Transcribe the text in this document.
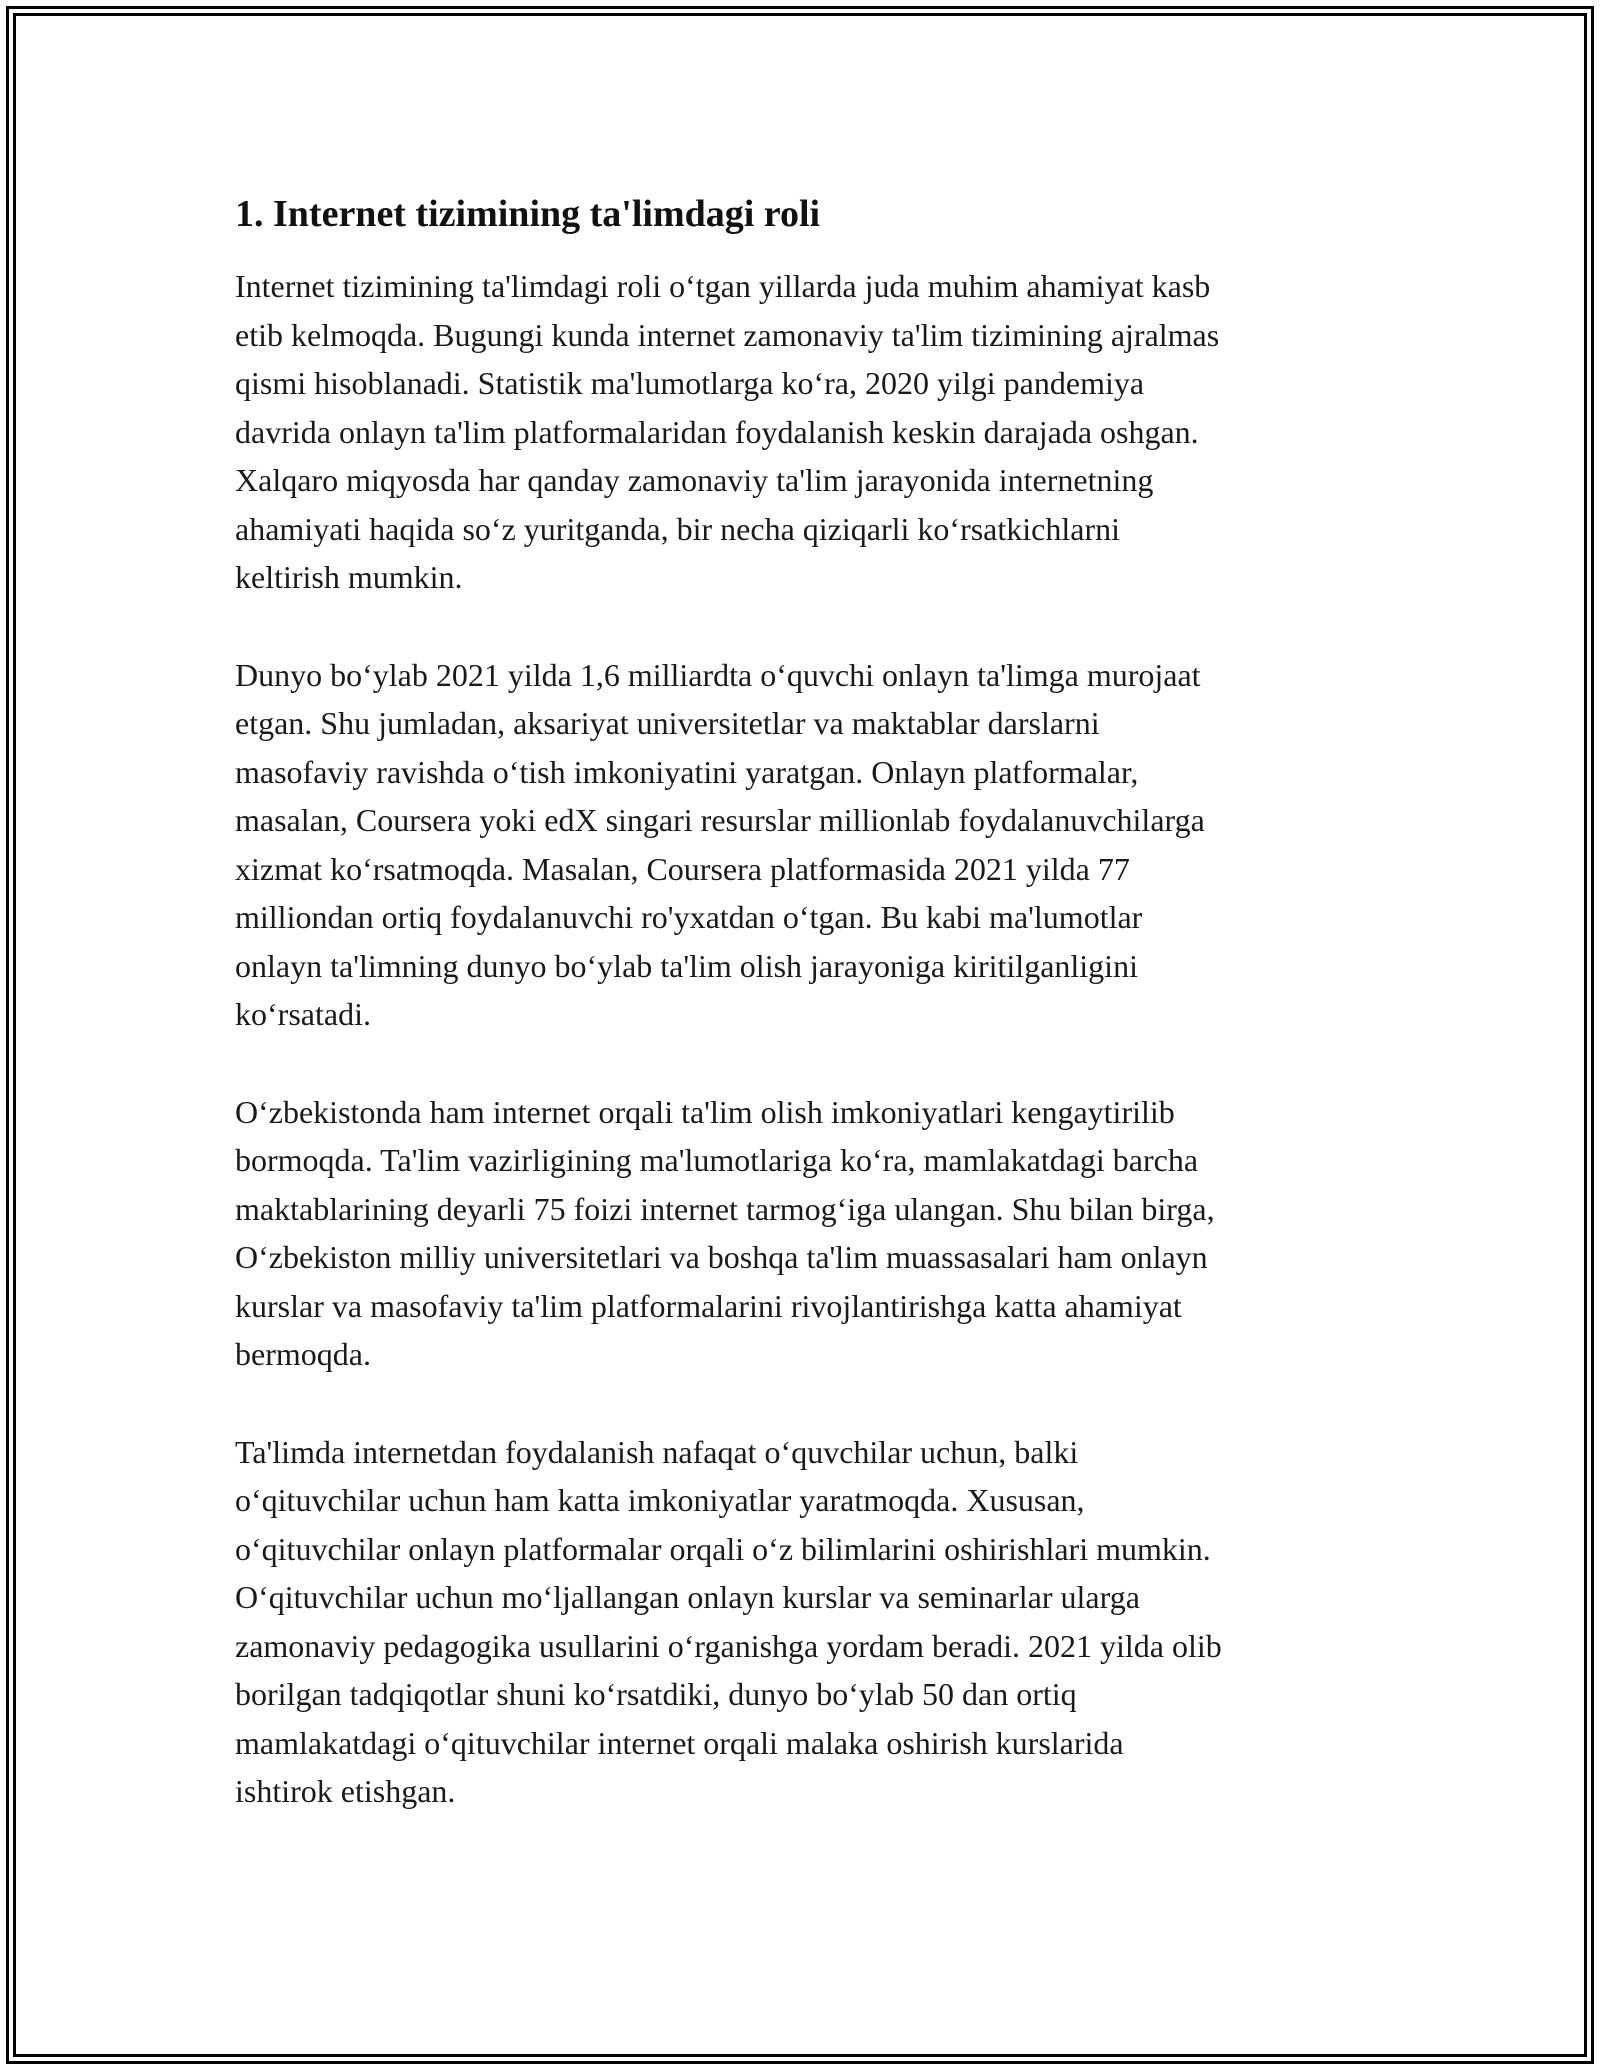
1. Internet tizimining ta'limdagi roli

Internet tizimining ta'limdagi roli o‘tgan yillarda juda muhim ahamiyat kasb
etib kelmoqda. Bugungi kunda internet zamonaviy ta'lim tizimining ajralmas
qismi hisoblanadi. Statistik ma'lumotlarga ko‘ra, 2020 yilgi pandemiya
davrida onlayn ta'lim platformalaridan foydalanish keskin darajada oshgan.
Xalqaro miqyosda har qanday zamonaviy ta'lim jarayonida internetning
ahamiyati haqida so‘z yuritganda, bir necha qiziqarli ko‘rsatkichlarni
keltirish mumkin.

Dunyo bo‘ylab 2021 yilda 1,6 milliardta o‘quvchi onlayn ta'limga murojaat
etgan. Shu jumladan, aksariyat universitetlar va maktablar darslarni
masofaviy ravishda o‘tish imkoniyatini yaratgan. Onlayn platformalar,
masalan, Coursera yoki edX singari resurslar millionlab foydalanuvchilarga
xizmat ko‘rsatmoqda. Masalan, Coursera platformasida 2021 yilda 77
milliondan ortiq foydalanuvchi ro'yxatdan o‘tgan. Bu kabi ma'lumotlar
onlayn ta'limning dunyo bo‘ylab ta'lim olish jarayoniga kiritilganligini
ko‘rsatadi.

O‘zbekistonda ham internet orqali ta'lim olish imkoniyatlari kengaytirilib
bormoqda. Ta'lim vazirligining ma'lumotlariga ko‘ra, mamlakatdagi barcha
maktablarining deyarli 75 foizi internet tarmog‘iga ulangan. Shu bilan birga,
O‘zbekiston milliy universitetlari va boshqa ta'lim muassasalari ham onlayn
kurslar va masofaviy ta'lim platformalarini rivojlantirishga katta ahamiyat
bermoqda.

Ta'limda internetdan foydalanish nafaqat o‘quvchilar uchun, balki
o‘qituvchilar uchun ham katta imkoniyatlar yaratmoqda. Xususan,
o‘qituvchilar onlayn platformalar orqali o‘z bilimlarini oshirishlari mumkin.
O‘qituvchilar uchun mo‘ljallangan onlayn kurslar va seminarlar ularga
zamonaviy pedagogika usullarini o‘rganishga yordam beradi. 2021 yilda olib
borilgan tadqiqotlar shuni ko‘rsatdiki, dunyo bo‘ylab 50 dan ortiq
mamlakatdagi o‘qituvchilar internet orqali malaka oshirish kurslarida
ishtirok etishgan.
